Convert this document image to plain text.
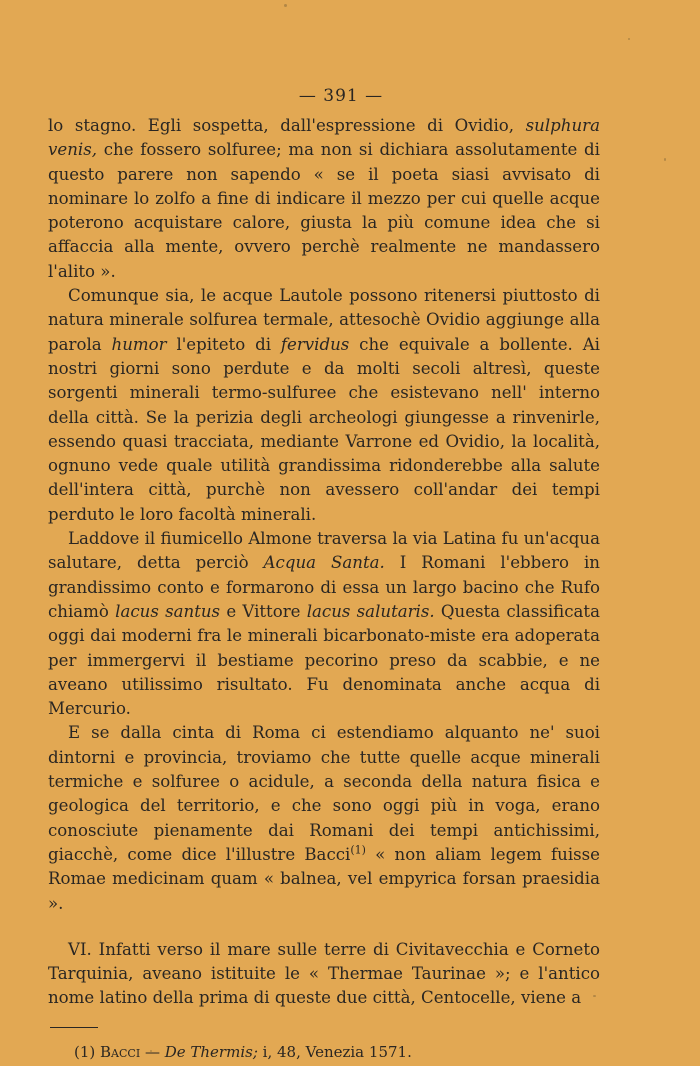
— 391 —

lo stagno. Egli sospetta, dall'espressione di Ovidio, sulphura venis, che fossero solfuree; ma non si dichiara assolutamente di questo parere non sapendo « se il poeta siasi avvisato di nominare lo zolfo a fine di indicare il mezzo per cui quelle acque poterono acquistare calore, giusta la più comune idea che si affaccia alla mente, ovvero perchè realmente ne mandassero l'alito ».

Comunque sia, le acque Lautole possono ritenersi piuttosto di natura minerale solfurea termale, attesochè Ovidio aggiunge alla parola humor l'epiteto di fervidus che equivale a bollente. Ai nostri giorni sono perdute e da molti secoli altresì, queste sorgenti minerali termo-sulfuree che esistevano nell' interno della città. Se la perizia degli archeologi giungesse a rinvenirle, essendo quasi tracciata, mediante Varrone ed Ovidio, la località, ognuno vede quale utilità grandissima ridonderebbe alla salute dell'intera città, purchè non avessero coll'andar dei tempi perduto le loro facoltà minerali.

Laddove il fiumicello Almone traversa la via Latina fu un'acqua salutare, detta perciò Acqua Santa. I Romani l'ebbero in grandissimo conto e formarono di essa un largo bacino che Rufo chiamò lacus santus e Vittore lacus salutaris. Questa classificata oggi dai moderni fra le minerali bicarbonato-miste era adoperata per immergervi il bestiame pecorino preso da scabbie, e ne aveano utilissimo risultato. Fu denominata anche acqua di Mercurio.

E se dalla cinta di Roma ci estendiamo alquanto ne' suoi dintorni e provincia, troviamo che tutte quelle acque minerali termiche e solfuree o acidule, a seconda della natura fisica e geologica del territorio, e che sono oggi più in voga, erano conosciute pienamente dai Romani dei tempi antichissimi, giacchè, come dice l'illustre Bacci$^{(1)}$ « non aliam legem fuisse Romae medicinam quam « balnea, vel empyrica forsan praesidia ».

VI. Infatti verso il mare sulle terre di Civitavecchia e Corneto Tarquinia, aveano istituite le « Thermae Taurinae »; e l'antico nome latino della prima di queste due città, Centocelle, viene a

(1) Bacci — De Thermis; i, 48, Venezia 1571.
